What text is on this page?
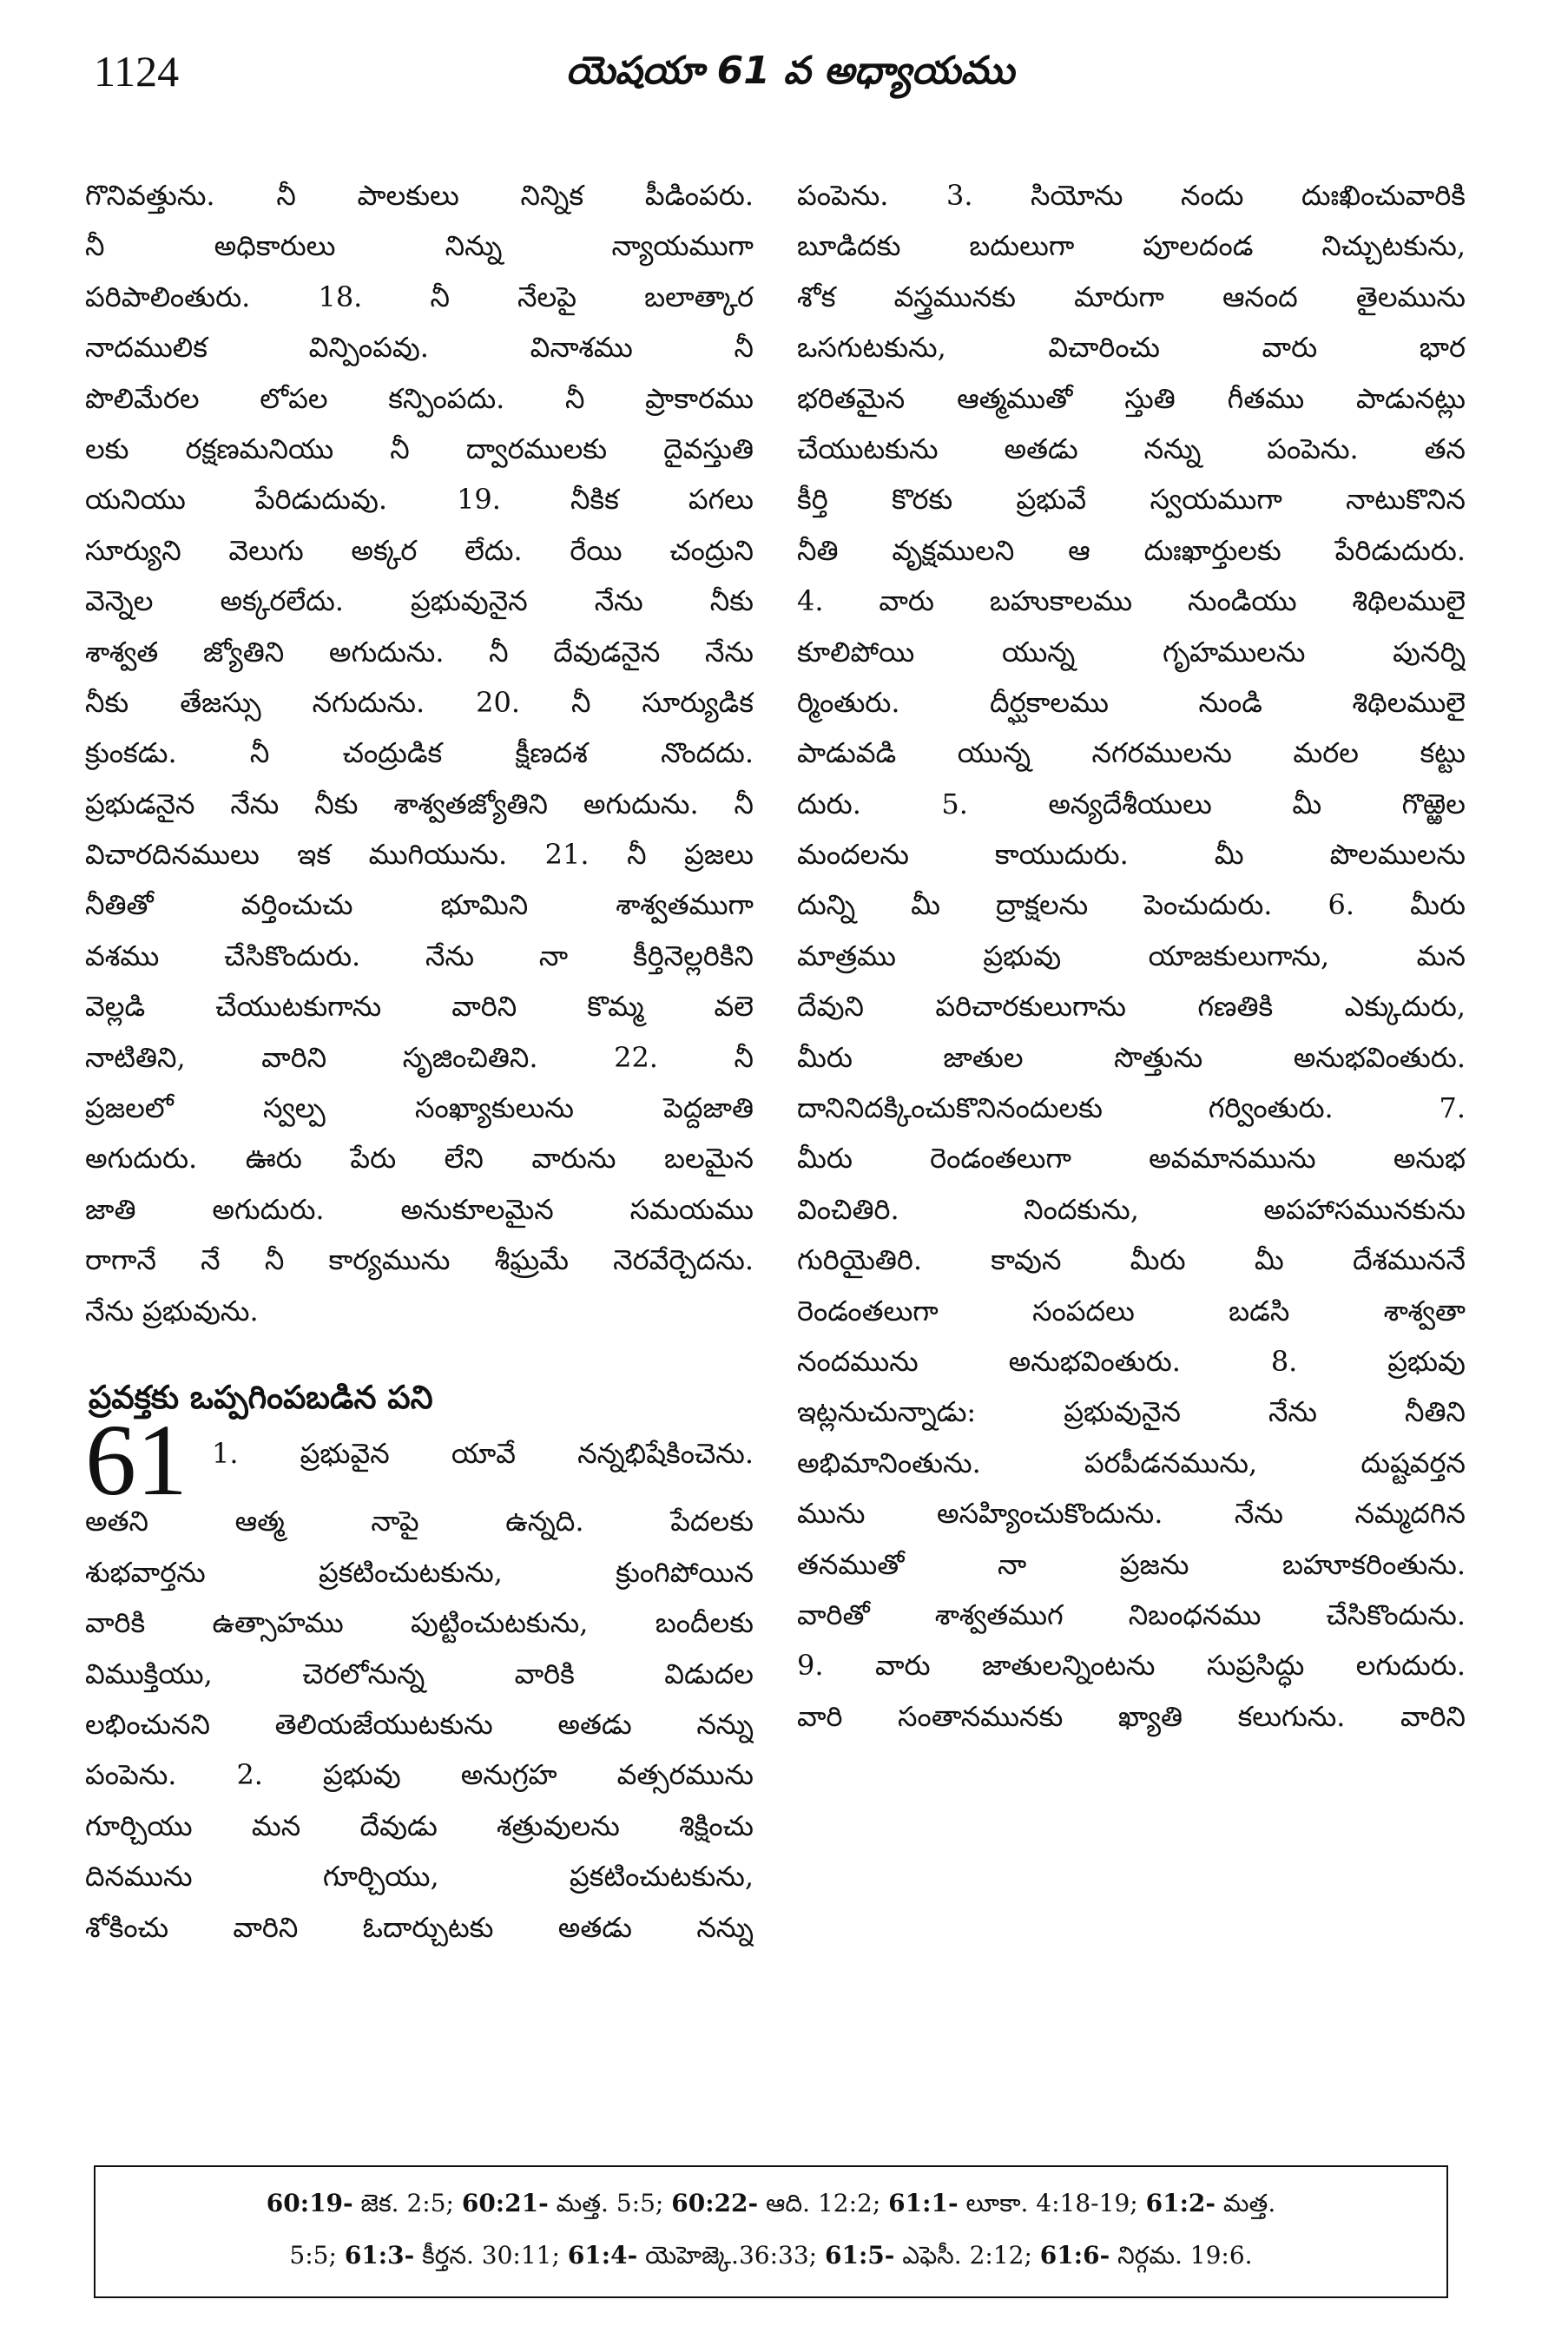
1124	యెషయా 61 వ అధ్యాయము
గొనివత్తును. నీ పాలకులు నిన్నిక పీడింపరు.
నీ అధికారులు నిన్ను న్యాయముగా
పరిపాలింతురు. 18. నీ నేలపై బలాత్కార
నాదములిక విన్పింపవు. వినాశము నీ
పొలిమేరల లోపల కన్పింపదు. నీ ప్రాకారము
లకు రక్షణమనియు నీ ద్వారములకు దైవస్తుతి
యనియు పేరిడుదువు. 19. నీకిక పగలు
సూర్యుని వెలుగు అక్కర లేదు. రేయి చంద్రుని
వెన్నెల అక్కరలేదు. ప్రభువునైన నేను నీకు
శాశ్వత జ్యోతిని అగుదును. నీ దేవుడనైన నేను
నీకు తేజస్సు నగుదును. 20. నీ సూర్యుడిక
క్రుంకడు. నీ చంద్రుడిక క్షీణదశ నొందదు.
ప్రభుడనైన నేను నీకు శాశ్వతజ్యోతిని అగుదును. నీ
విచారదినములు ఇక ముగియును. 21. నీ ప్రజలు
నీతితో వర్తించుచు భూమిని శాశ్వతముగా
వశము చేసికొందురు. నేను నా కీర్తినెల్లరికిని
వెల్లడి చేయుటకుగాను వారిని కొమ్మ వలె
నాటితిని, వారిని సృజించితిని. 22. నీ
ప్రజలలో స్వల్ప సంఖ్యాకులును పెద్దజాతి
అగుదురు. ఊరు పేరు లేని వారును బలమైన
జాతి అగుదురు. అనుకూలమైన సమయము
రాగానే నే నీ కార్యమును శీఘ్రమే నెరవేర్చెదను.
నేను ప్రభువును.
ప్రవక్తకు ఒప్పగింపబడిన పని
61 1. ప్రభువైన యావే నన్నభిషేకించెను.
అతని ఆత్మ నాపై ఉన్నది. పేదలకు
శుభవార్తను ప్రకటించుటకును, క్రుంగిపోయిన
వారికి ఉత్సాహము పుట్టించుటకును, బందీలకు
విముక్తియు, చెరలోనున్న వారికి విడుదల
లభించునని తెలియజేయుటకును అతడు నన్ను
పంపెను. 2. ప్రభువు అనుగ్రహ వత్సరమును
గూర్చియు మన దేవుడు శత్రువులను శిక్షించు
దినమును గూర్చియు, ప్రకటించుటకును,
శోకించు వారిని ఓదార్చుటకు అతడు నన్ను
పంపెను. 3. సియోను నందు దుఃఖించువారికి
బూడిదకు బదులుగా పూలదండ నిచ్చుటకును,
శోక వస్త్రమునకు మారుగా ఆనంద తైలమును
ఒసగుటకును, విచారించు వారు భార
భరితమైన ఆత్మముతో స్తుతి గీతము పాడునట్లు
చేయుటకును అతడు నన్ను పంపెను. తన
కీర్తి కొరకు ప్రభువే స్వయముగా నాటుకొనిన
నీతి వృక్షములని ఆ దుఃఖార్తులకు పేరిడుదురు.
4. వారు బహుకాలము నుండియు శిథిలములై
కూలిపోయి యున్న గృహములను పునర్ని
ర్మింతురు. దీర్ఘకాలము నుండి శిథిలములై
పాడువడి యున్న నగరములను మరల కట్టు
దురు. 5. అన్యదేశీయులు మీ గొఱ్ఱెల
మందలను కాయుదురు. మీ పొలములను
దున్ని మీ ద్రాక్షలను పెంచుదురు. 6. మీరు
మాత్రము ప్రభువు యాజకులుగాను, మన
దేవుని పరిచారకులుగాను గణతికి ఎక్కుదురు,
మీరు జాతుల సొత్తును అనుభవింతురు.
దానినిదక్కించుకొనినందులకు గర్వింతురు. 7.
మీరు రెండంతలుగా అవమానమును అనుభ
వించితిరి. నిందకును, అపహాసమునకును
గురియైతిరి. కావున మీరు మీ దేశముననే
రెండంతలుగా సంపదలు బడసి శాశ్వతా
నందమును అనుభవింతురు. 8. ప్రభువు
ఇట్లనుచున్నాడు: ప్రభువునైన నేను నీతిని
అభిమానింతును. పరపీడనమును, దుష్టవర్తన
మును అసహ్యించుకొందును. నేను నమ్మదగిన
తనముతో నా ప్రజను బహూకరింతును.
వారితో శాశ్వతముగ నిబంధనము చేసికొందును.
9. వారు జాతులన్నింటను సుప్రసిద్ధు లగుదురు.
వారి సంతానమునకు ఖ్యాతి కలుగును. వారిని
60:19- జెక. 2:5; 60:21- మత్త. 5:5; 60:22- ఆది. 12:2; 61:1- లూకా. 4:18-19; 61:2- మత్త.
5:5; 61:3- కీర్తన. 30:11; 61:4- యెహెజ్కె.36:33; 61:5- ఎఫెసీ. 2:12; 61:6- నిర్గమ. 19:6.
